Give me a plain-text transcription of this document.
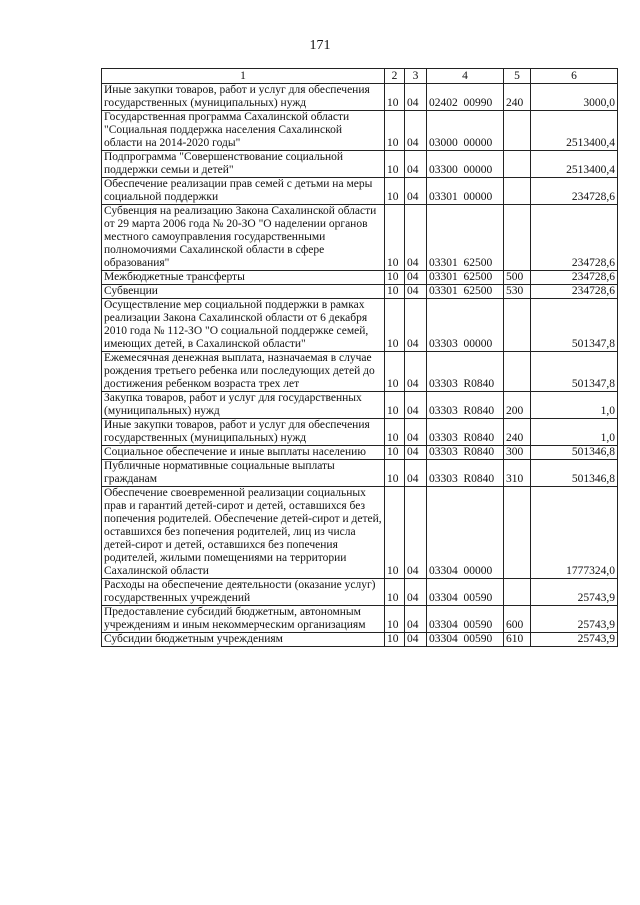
171
1	2	3	4	5	6
Иные закупки товаров, работ и услуг для обеспечения государственных (муниципальных) нужд	10	04	02402  00990	240	3000,0
Государственная программа Сахалинской области "Социальная поддержка населения Сахалинской области на 2014-2020 годы"	10	04	03000  00000		2513400,4
Подпрограмма "Совершенствование социальной поддержки семьи и детей"	10	04	03300  00000		2513400,4
Обеспечение реализации прав семей с детьми на меры социальной поддержки	10	04	03301  00000		234728,6
Субвенция на реализацию Закона Сахалинской области от 29 марта 2006 года № 20-ЗО "О наделении органов местного самоуправления государственными полномочиями Сахалинской области в сфере образования"	10	04	03301  62500		234728,6
Межбюджетные трансферты	10	04	03301  62500	500	234728,6
Субвенции	10	04	03301  62500	530	234728,6
Осуществление мер социальной поддержки в рамках реализации Закона Сахалинской области от 6 декабря 2010 года № 112-ЗО "О социальной поддержке семей, имеющих детей, в Сахалинской области"	10	04	03303  00000		501347,8
Ежемесячная денежная выплата, назначаемая в случае рождения третьего ребенка или последующих детей до достижения ребенком возраста трех лет	10	04	03303  R0840		501347,8
Закупка товаров, работ и услуг для государственных (муниципальных) нужд	10	04	03303  R0840	200	1,0
Иные закупки товаров, работ и услуг для обеспечения государственных (муниципальных) нужд	10	04	03303  R0840	240	1,0
Социальное обеспечение и иные выплаты населению	10	04	03303  R0840	300	501346,8
Публичные нормативные социальные выплаты гражданам	10	04	03303  R0840	310	501346,8
Обеспечение своевременной реализации социальных прав и гарантий детей-сирот и детей, оставшихся без попечения родителей. Обеспечение детей-сирот и детей, оставшихся без попечения родителей, лиц из числа детей-сирот и детей, оставшихся без попечения родителей, жилыми помещениями на территории Сахалинской области	10	04	03304  00000		1777324,0
Расходы на обеспечение деятельности (оказание услуг) государственных учреждений	10	04	03304  00590		25743,9
Предоставление субсидий бюджетным, автономным учреждениям и иным некоммерческим организациям	10	04	03304  00590	600	25743,9
Субсидии бюджетным учреждениям	10	04	03304  00590	610	25743,9
